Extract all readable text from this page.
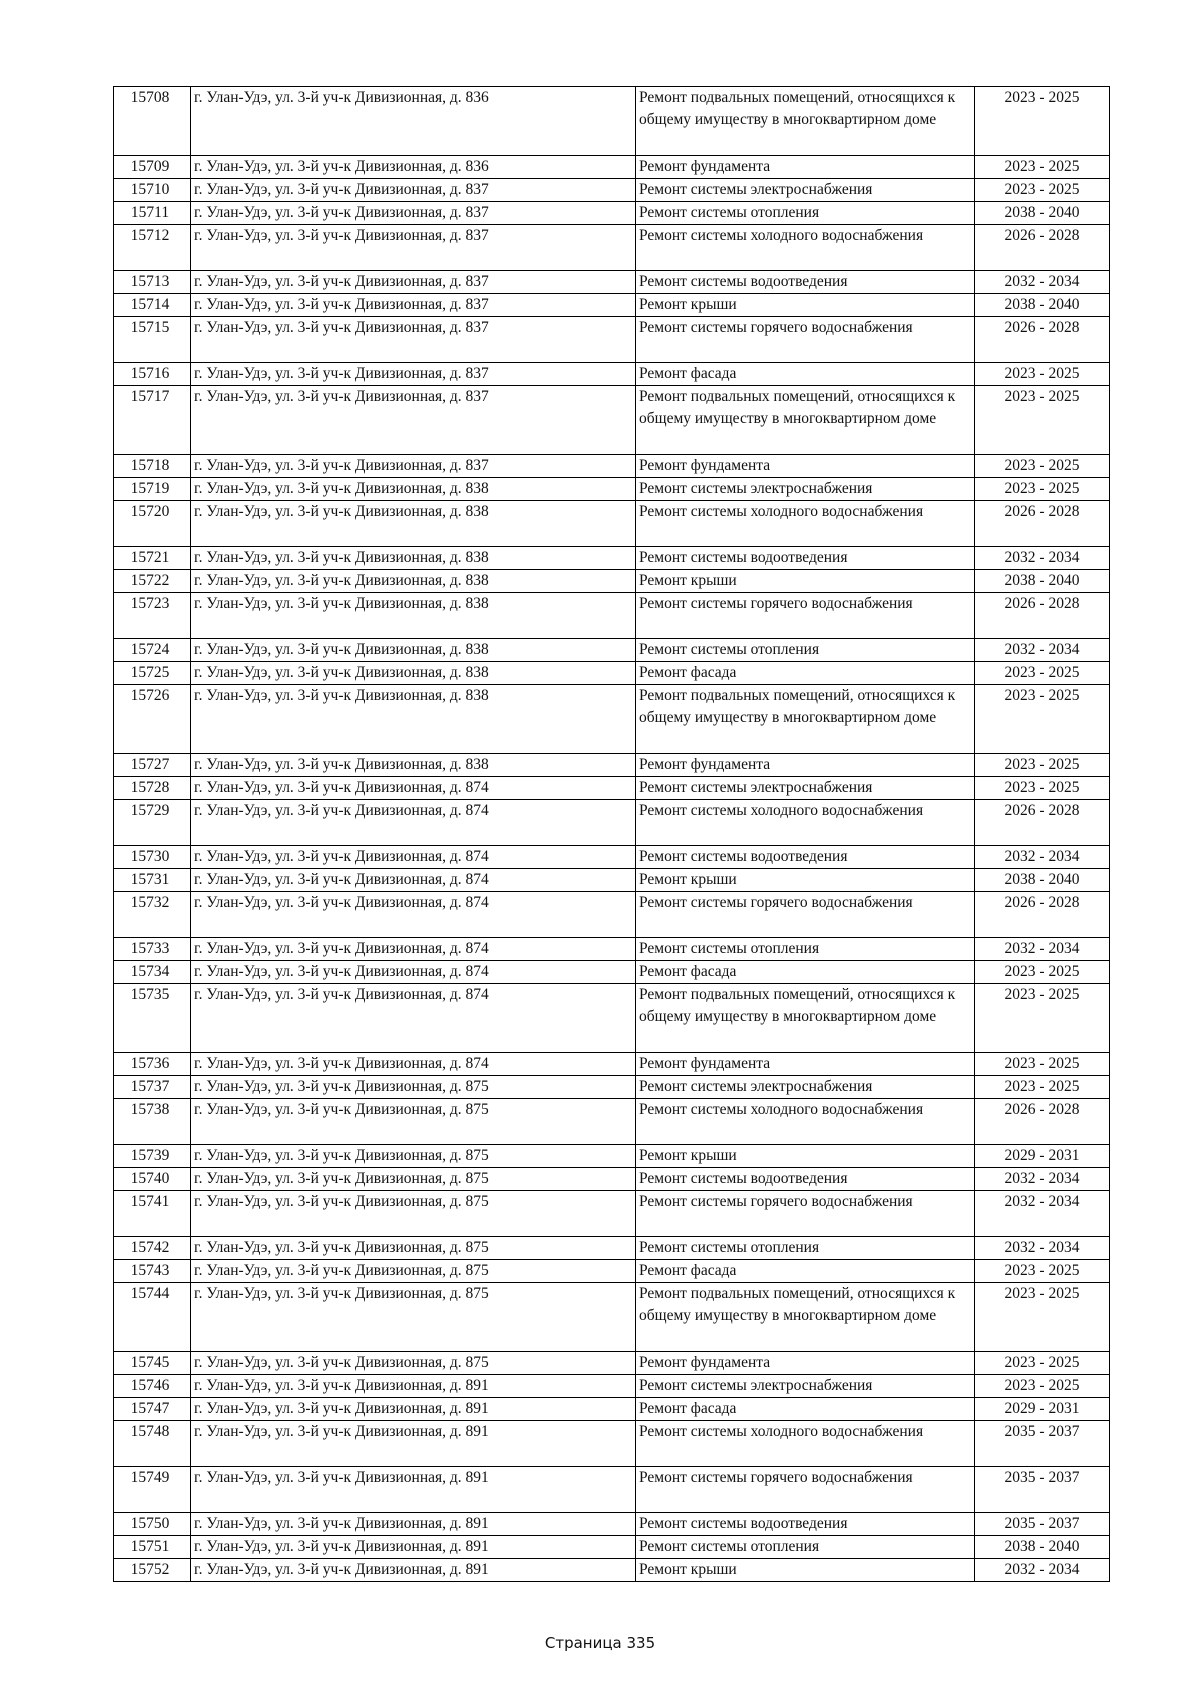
15708	г. Улан-Удэ, ул. 3-й уч-к Дивизионная, д. 836	Ремонт подвальных помещений, относящихся к общему имуществу в многоквартирном доме	2023 - 2025
15709	г. Улан-Удэ, ул. 3-й уч-к Дивизионная, д. 836	Ремонт фундамента	2023 - 2025
15710	г. Улан-Удэ, ул. 3-й уч-к Дивизионная, д. 837	Ремонт системы электроснабжения	2023 - 2025
15711	г. Улан-Удэ, ул. 3-й уч-к Дивизионная, д. 837	Ремонт системы отопления	2038 - 2040
15712	г. Улан-Удэ, ул. 3-й уч-к Дивизионная, д. 837	Ремонт системы холодного водоснабжения	2026 - 2028
15713	г. Улан-Удэ, ул. 3-й уч-к Дивизионная, д. 837	Ремонт системы водоотведения	2032 - 2034
15714	г. Улан-Удэ, ул. 3-й уч-к Дивизионная, д. 837	Ремонт крыши	2038 - 2040
15715	г. Улан-Удэ, ул. 3-й уч-к Дивизионная, д. 837	Ремонт системы горячего водоснабжения	2026 - 2028
15716	г. Улан-Удэ, ул. 3-й уч-к Дивизионная, д. 837	Ремонт фасада	2023 - 2025
15717	г. Улан-Удэ, ул. 3-й уч-к Дивизионная, д. 837	Ремонт подвальных помещений, относящихся к общему имуществу в многоквартирном доме	2023 - 2025
15718	г. Улан-Удэ, ул. 3-й уч-к Дивизионная, д. 837	Ремонт фундамента	2023 - 2025
15719	г. Улан-Удэ, ул. 3-й уч-к Дивизионная, д. 838	Ремонт системы электроснабжения	2023 - 2025
15720	г. Улан-Удэ, ул. 3-й уч-к Дивизионная, д. 838	Ремонт системы холодного водоснабжения	2026 - 2028
15721	г. Улан-Удэ, ул. 3-й уч-к Дивизионная, д. 838	Ремонт системы водоотведения	2032 - 2034
15722	г. Улан-Удэ, ул. 3-й уч-к Дивизионная, д. 838	Ремонт крыши	2038 - 2040
15723	г. Улан-Удэ, ул. 3-й уч-к Дивизионная, д. 838	Ремонт системы горячего водоснабжения	2026 - 2028
15724	г. Улан-Удэ, ул. 3-й уч-к Дивизионная, д. 838	Ремонт системы отопления	2032 - 2034
15725	г. Улан-Удэ, ул. 3-й уч-к Дивизионная, д. 838	Ремонт фасада	2023 - 2025
15726	г. Улан-Удэ, ул. 3-й уч-к Дивизионная, д. 838	Ремонт подвальных помещений, относящихся к общему имуществу в многоквартирном доме	2023 - 2025
15727	г. Улан-Удэ, ул. 3-й уч-к Дивизионная, д. 838	Ремонт фундамента	2023 - 2025
15728	г. Улан-Удэ, ул. 3-й уч-к Дивизионная, д. 874	Ремонт системы электроснабжения	2023 - 2025
15729	г. Улан-Удэ, ул. 3-й уч-к Дивизионная, д. 874	Ремонт системы холодного водоснабжения	2026 - 2028
15730	г. Улан-Удэ, ул. 3-й уч-к Дивизионная, д. 874	Ремонт системы водоотведения	2032 - 2034
15731	г. Улан-Удэ, ул. 3-й уч-к Дивизионная, д. 874	Ремонт крыши	2038 - 2040
15732	г. Улан-Удэ, ул. 3-й уч-к Дивизионная, д. 874	Ремонт системы горячего водоснабжения	2026 - 2028
15733	г. Улан-Удэ, ул. 3-й уч-к Дивизионная, д. 874	Ремонт системы отопления	2032 - 2034
15734	г. Улан-Удэ, ул. 3-й уч-к Дивизионная, д. 874	Ремонт фасада	2023 - 2025
15735	г. Улан-Удэ, ул. 3-й уч-к Дивизионная, д. 874	Ремонт подвальных помещений, относящихся к общему имуществу в многоквартирном доме	2023 - 2025
15736	г. Улан-Удэ, ул. 3-й уч-к Дивизионная, д. 874	Ремонт фундамента	2023 - 2025
15737	г. Улан-Удэ, ул. 3-й уч-к Дивизионная, д. 875	Ремонт системы электроснабжения	2023 - 2025
15738	г. Улан-Удэ, ул. 3-й уч-к Дивизионная, д. 875	Ремонт системы холодного водоснабжения	2026 - 2028
15739	г. Улан-Удэ, ул. 3-й уч-к Дивизионная, д. 875	Ремонт крыши	2029 - 2031
15740	г. Улан-Удэ, ул. 3-й уч-к Дивизионная, д. 875	Ремонт системы водоотведения	2032 - 2034
15741	г. Улан-Удэ, ул. 3-й уч-к Дивизионная, д. 875	Ремонт системы горячего водоснабжения	2032 - 2034
15742	г. Улан-Удэ, ул. 3-й уч-к Дивизионная, д. 875	Ремонт системы отопления	2032 - 2034
15743	г. Улан-Удэ, ул. 3-й уч-к Дивизионная, д. 875	Ремонт фасада	2023 - 2025
15744	г. Улан-Удэ, ул. 3-й уч-к Дивизионная, д. 875	Ремонт подвальных помещений, относящихся к общему имуществу в многоквартирном доме	2023 - 2025
15745	г. Улан-Удэ, ул. 3-й уч-к Дивизионная, д. 875	Ремонт фундамента	2023 - 2025
15746	г. Улан-Удэ, ул. 3-й уч-к Дивизионная, д. 891	Ремонт системы электроснабжения	2023 - 2025
15747	г. Улан-Удэ, ул. 3-й уч-к Дивизионная, д. 891	Ремонт фасада	2029 - 2031
15748	г. Улан-Удэ, ул. 3-й уч-к Дивизионная, д. 891	Ремонт системы холодного водоснабжения	2035 - 2037
15749	г. Улан-Удэ, ул. 3-й уч-к Дивизионная, д. 891	Ремонт системы горячего водоснабжения	2035 - 2037
15750	г. Улан-Удэ, ул. 3-й уч-к Дивизионная, д. 891	Ремонт системы водоотведения	2035 - 2037
15751	г. Улан-Удэ, ул. 3-й уч-к Дивизионная, д. 891	Ремонт системы отопления	2038 - 2040
15752	г. Улан-Удэ, ул. 3-й уч-к Дивизионная, д. 891	Ремонт крыши	2032 - 2034
Страница 335
